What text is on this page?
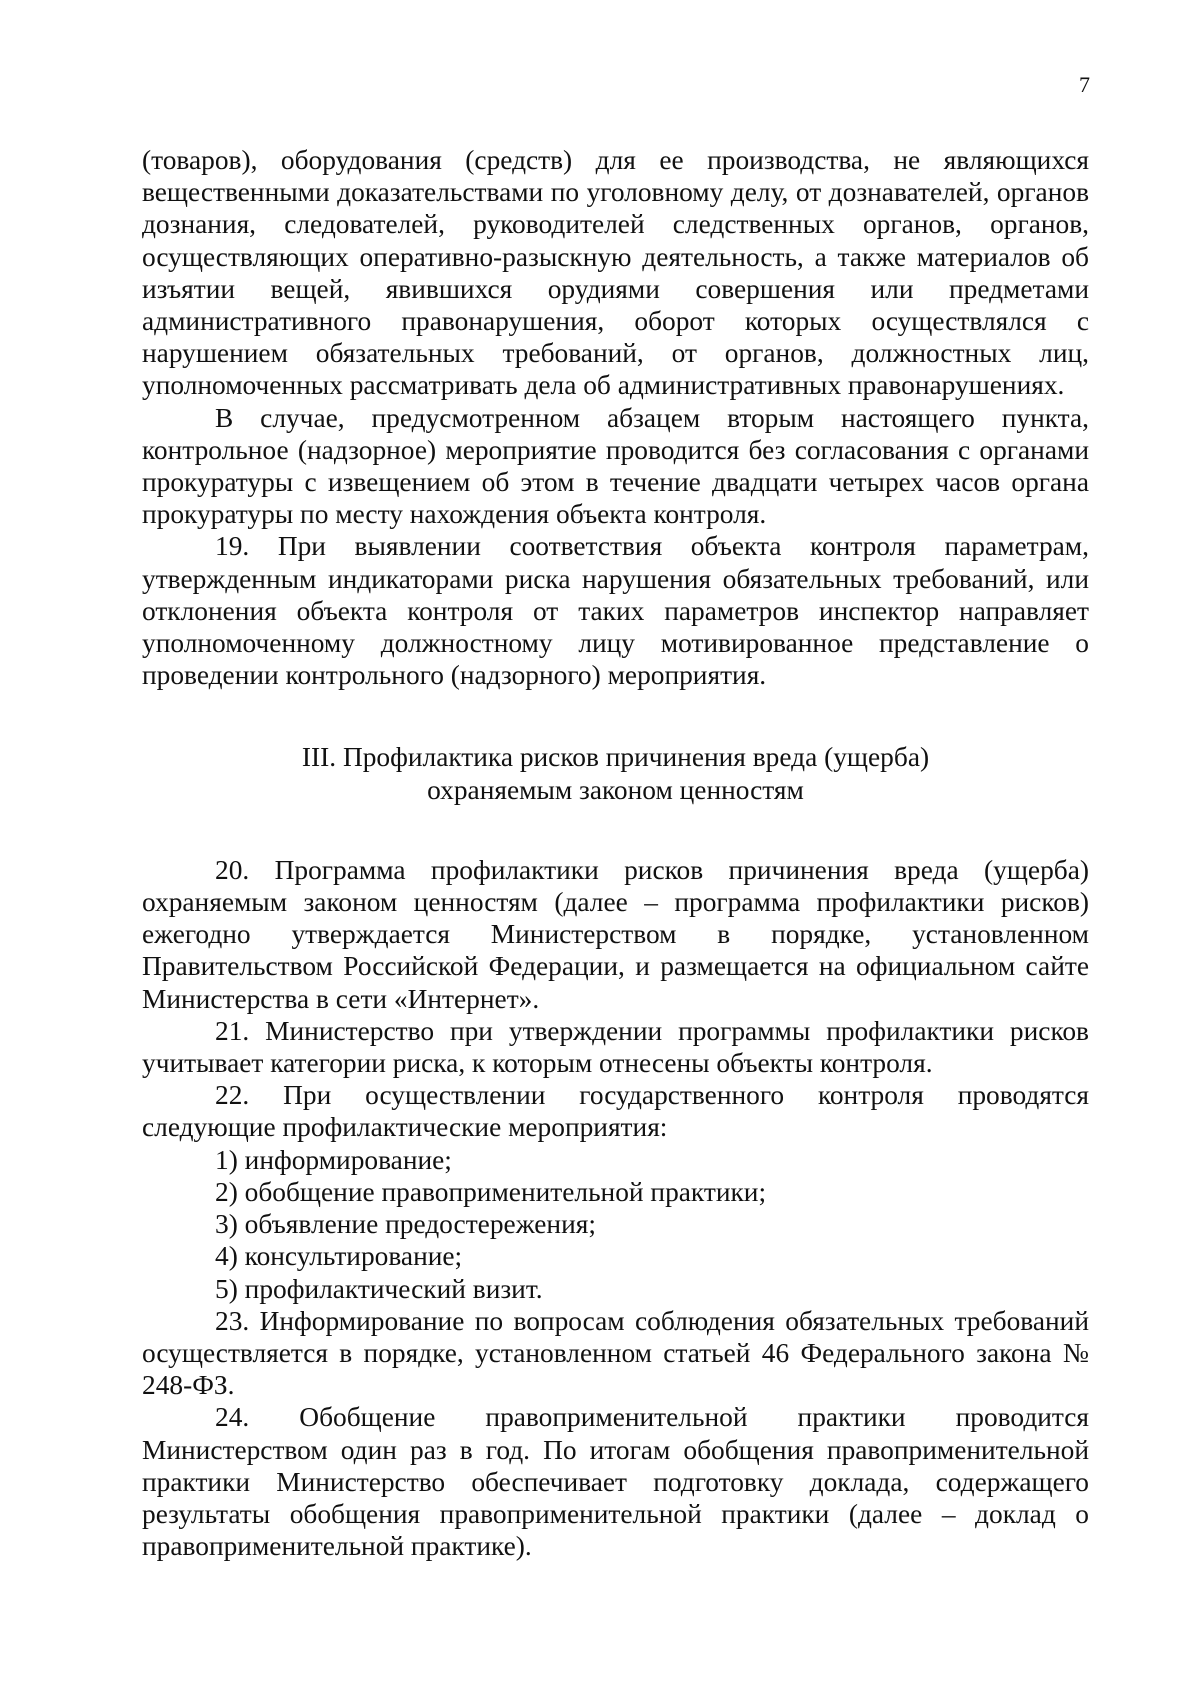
7

(товаров), оборудования (средств) для ее производства, не являющихся вещественными доказательствами по уголовному делу, от дознавателей, органов дознания, следователей, руководителей следственных органов, органов, осуществляющих оперативно-разыскную деятельность, а также материалов об изъятии вещей, явившихся орудиями совершения или предметами административного правонарушения, оборот которых осуществлялся с нарушением обязательных требований, от органов, должностных лиц, уполномоченных рассматривать дела об административных правонарушениях.

В случае, предусмотренном абзацем вторым настоящего пункта, контрольное (надзорное) мероприятие проводится без согласования с органами прокуратуры с извещением об этом в течение двадцати четырех часов органа прокуратуры по месту нахождения объекта контроля.

19. При выявлении соответствия объекта контроля параметрам, утвержденным индикаторами риска нарушения обязательных требований, или отклонения объекта контроля от таких параметров инспектор направляет уполномоченному должностному лицу мотивированное представление о проведении контрольного (надзорного) мероприятия.

III. Профилактика рисков причинения вреда (ущерба)
охраняемым законом ценностям

20. Программа профилактики рисков причинения вреда (ущерба) охраняемым законом ценностям (далее – программа профилактики рисков) ежегодно утверждается Министерством в порядке, установленном Правительством Российской Федерации, и размещается на официальном сайте Министерства в сети «Интернет».

21. Министерство при утверждении программы профилактики рисков учитывает категории риска, к которым отнесены объекты контроля.

22. При осуществлении государственного контроля проводятся следующие профилактические мероприятия:

1) информирование;

2) обобщение правоприменительной практики;

3) объявление предостережения;

4) консультирование;

5) профилактический визит.

23. Информирование по вопросам соблюдения обязательных требований осуществляется в порядке, установленном статьей 46 Федерального закона № 248-ФЗ.

24. Обобщение правоприменительной практики проводится Министерством один раз в год. По итогам обобщения правоприменительной практики Министерство обеспечивает подготовку доклада, содержащего результаты обобщения правоприменительной практики (далее – доклад о правоприменительной практике).
